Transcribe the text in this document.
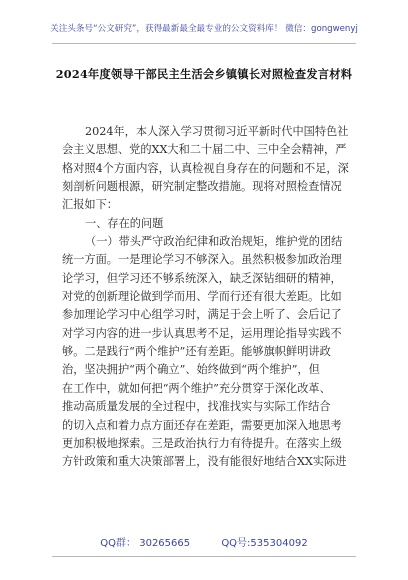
关注头条号“公文研究”，获得最新最全最专业的公文资料库！ 微信：gongwenyj
2024年度领导干部民主生活会乡镇镇长对照检查发言材料
2024年，本人深入学习贯彻习近平新时代中国特色社
会主义思想、党的XX大和二十届二中、三中全会精神，严
格对照4个方面内容，认真检视自身存在的问题和不足，深
刻剖析问题根源，研究制定整改措施。现将对照检查情况
汇报如下：
一、存在的问题
（一）带头严守政治纪律和政治规矩，维护党的团结
统一方面。一是理论学习不够深入。虽然积极参加政治理
论学习，但学习还不够系统深入，缺乏深钻细研的精神，
对党的创新理论做到学而用、学而行还有很大差距。比如
参加理论学习中心组学习时，满足于会上听了、会后记了
对学习内容的进一步认真思考不足，运用理论指导实践不
够。二是践行“两个维护”还有差距。能够旗帜鲜明讲政
治，坚决拥护“两个确立”、始终做到“两个维护”，但
在工作中，就如何把“两个维护”充分贯穿于深化改革、
推动高质量发展的全过程中，找准找实与实际工作结合
的切入点和着力点方面还存在差距，需要更加深入地思考
更加积极地探索。三是政治执行力有待提升。在落实上级
方针政策和重大决策部署上，没有能很好地结合XX实际进
QQ群： 30265665	QQ号:535304092
